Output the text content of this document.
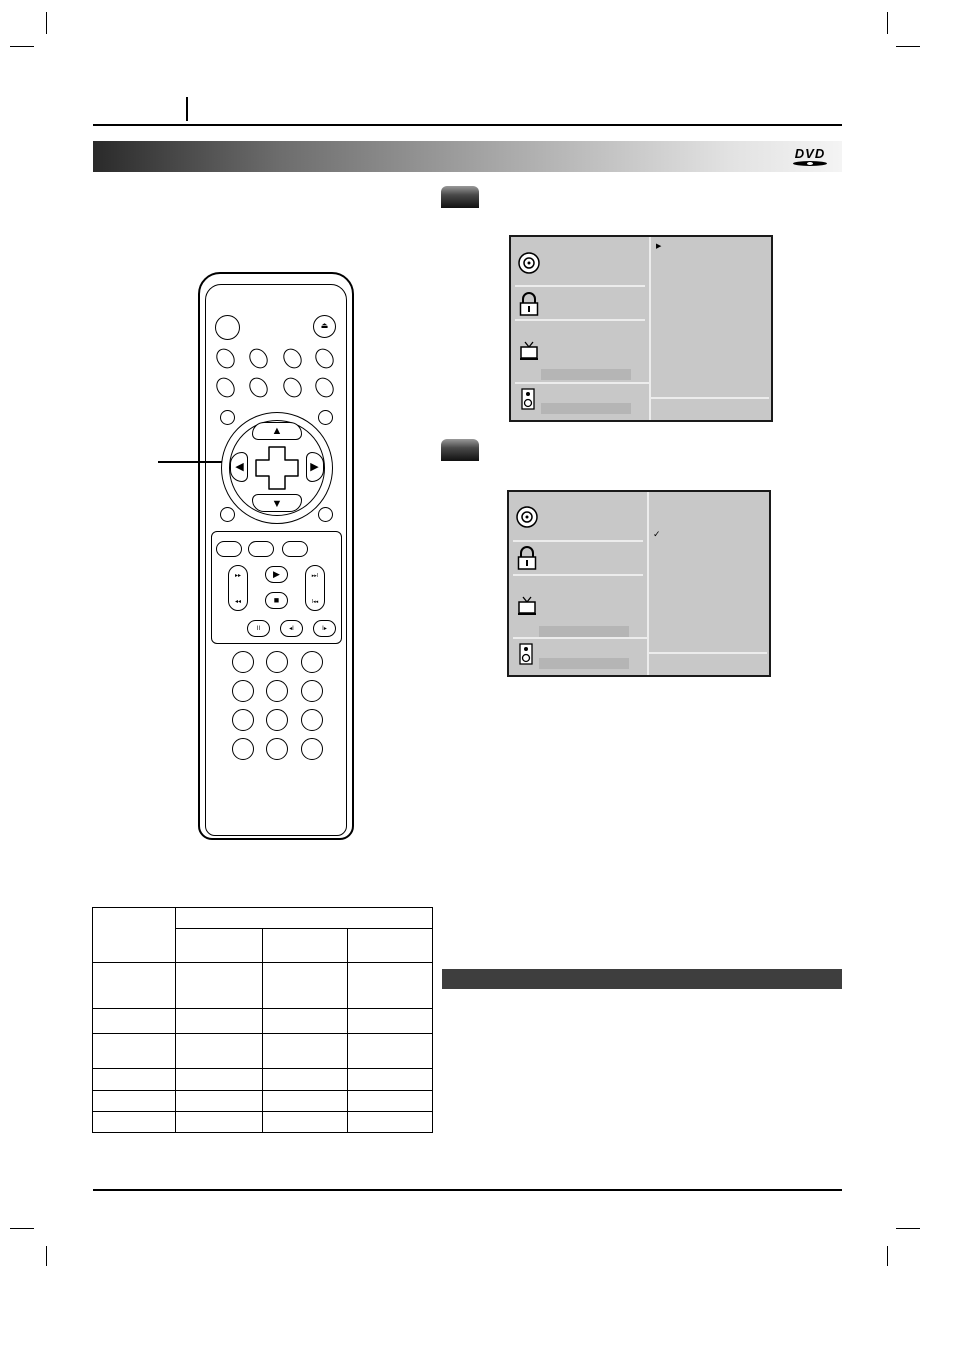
DVD
▶
✓
⏏
▲
▼
◀	▶
▸▸
◂◂
▸▸I
I◂◂
▶
■
II	◂I	I▸
